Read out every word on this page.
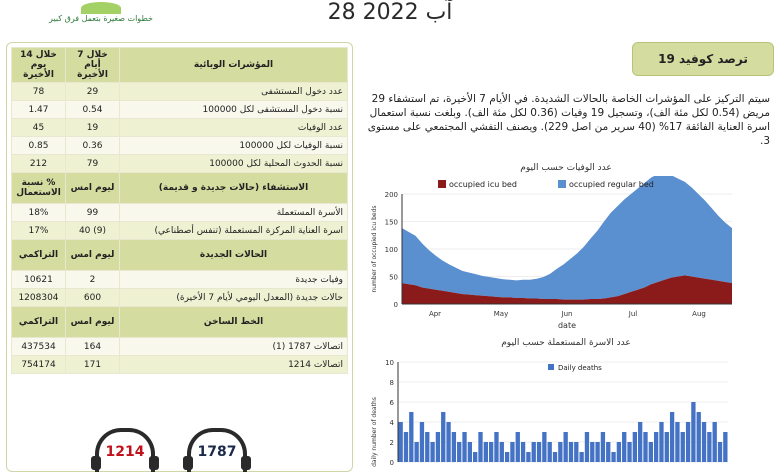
خطوات صغيرة بتعمل فرق كبير	28 آب 2022
خلال 14 يوم الأخيرة	خلال 7 أيام الأخيرة	المؤشرات الوبائية
78	29	عدد دخول المستشفى
1.47	0.54	نسبة دخول المستشفى لكل 100000
45	19	عدد الوفيات
0.85	0.36	نسبة الوفيات لكل 100000
212	79	نسبة الحدوث المحلية لكل 100000
% نسبة الاستعمال	ليوم امس	الاستشفاء (حالات جديدة و قديمة)
18%	99	الأسرة المستعملة
17%	(9) 40	اسرة العناية المركزة المستعملة (تنفس أصطناعي)
التراكمي	ليوم امس	الحالات الجديدة
10621	2	وفيات جديدة
1208304	600	حالات جديدة (المعدل اليومي لأيام 7 الأخيرة)
التراكمي	ليوم امس	الخط الساخن
437534	164	اتصالات 1787 (1)
754174	171	اتصالات 1214
1214	1787
ترصد كوفيد 19
سيتم التركيز على المؤشرات الخاصة بالحالات الشديدة. في الأيام 7 الأخيرة، تم استشفاء 29 مريض (0.54 لكل مئة الف)، وتسجيل 19 وفيات (0.36 لكل مئة الف). وبلغت نسبة استعمال اسرة العناية الفائقة 17% (40 سرير من اصل 229). ويصنف التفشي المجتمعي على مستوى 3.
عدد الوفيات حسب اليوم
0
50
100
150
200
Apr	May	Jun	Jul	Aug
date
number of occupied icu beds
occupied icu bed	occupied regular bed
عدد الاسرة المستعملة حسب اليوم
0
2
4
6
8
10
Daily deaths
daily number of deaths
